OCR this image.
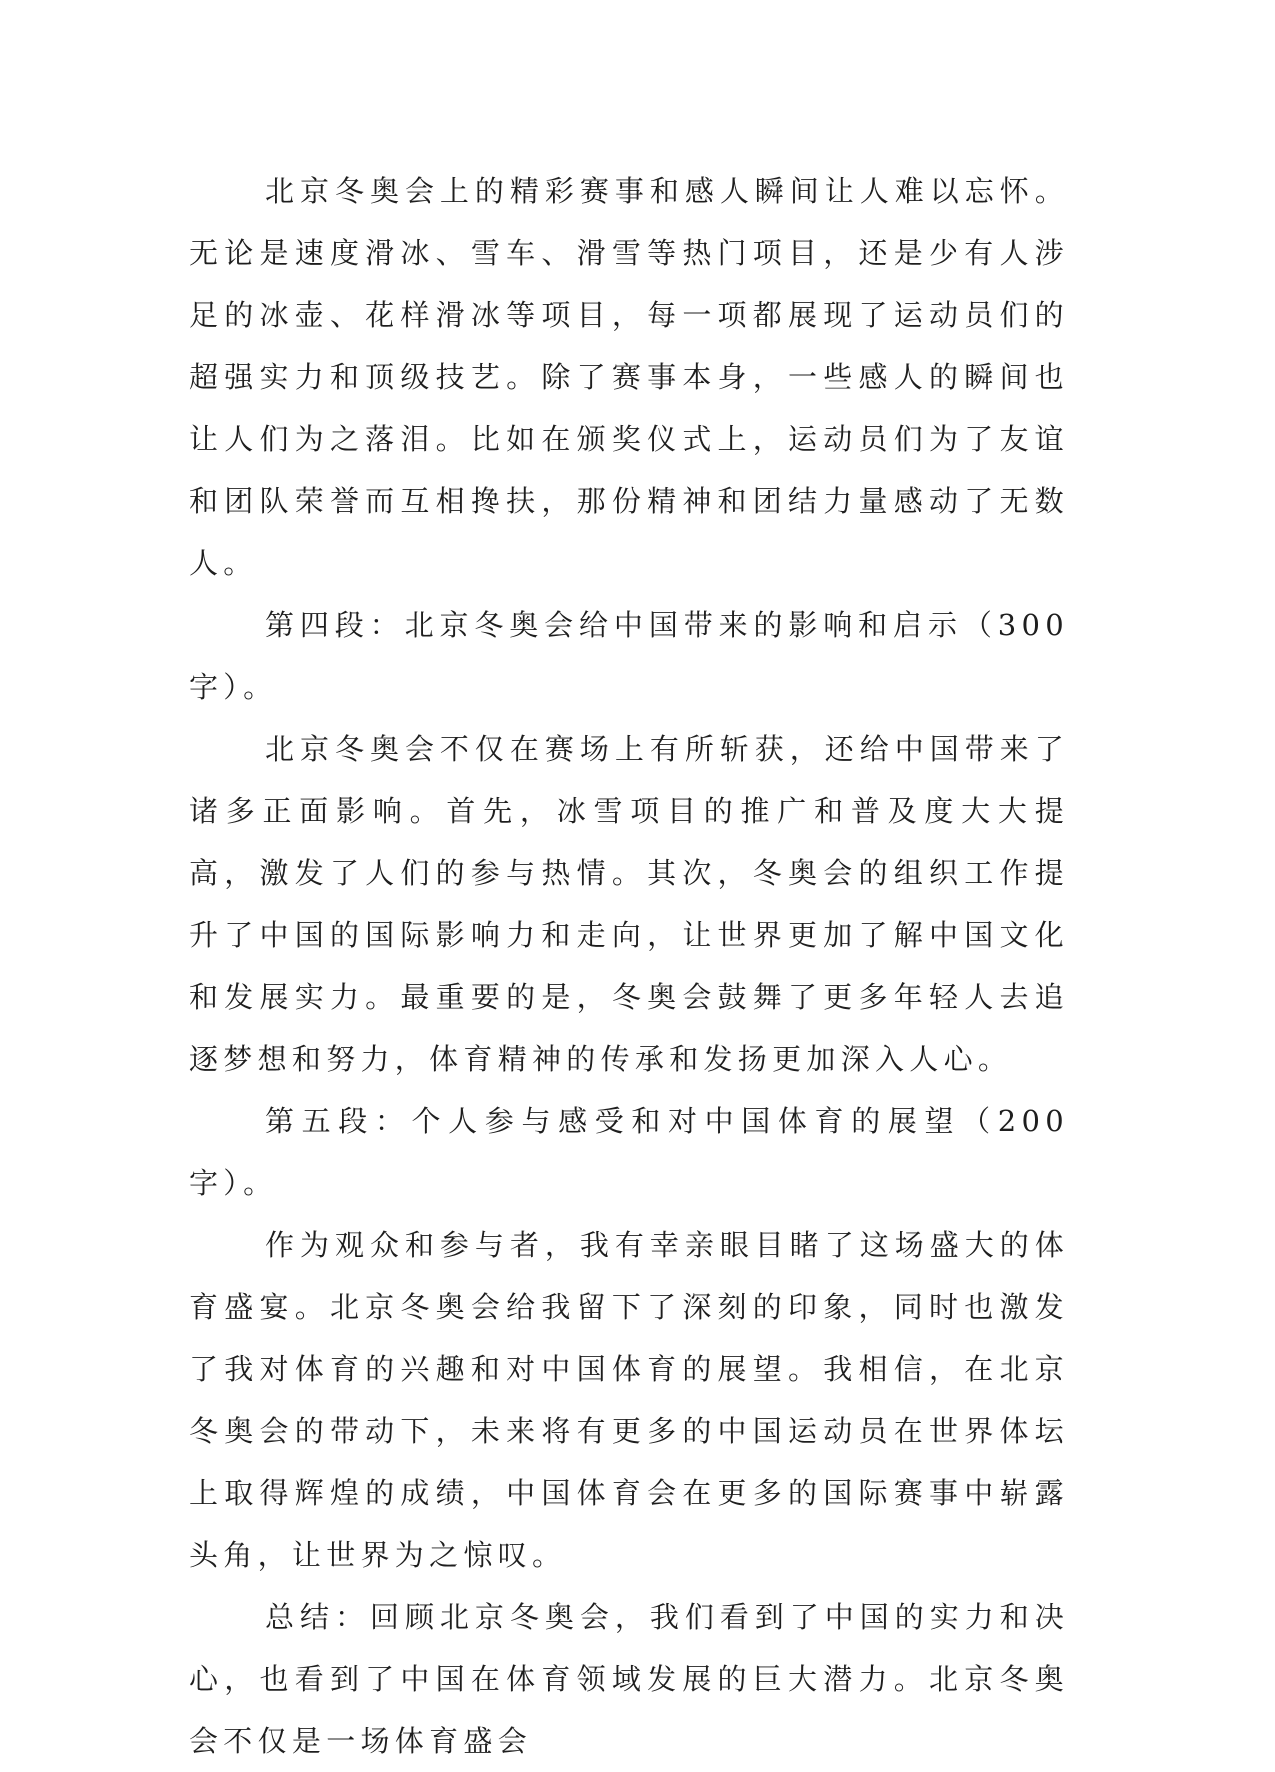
北京冬奥会上的精彩赛事和感人瞬间让人难以忘怀。无论是速度滑冰、雪车、滑雪等热门项目，还是少有人涉足的冰壶、花样滑冰等项目，每一项都展现了运动员们的超强实力和顶级技艺。除了赛事本身，一些感人的瞬间也让人们为之落泪。比如在颁奖仪式上，运动员们为了友谊和团队荣誉而互相搀扶，那份精神和团结力量感动了无数人。

第四段：北京冬奥会给中国带来的影响和启示（300字）。

北京冬奥会不仅在赛场上有所斩获，还给中国带来了诸多正面影响。首先，冰雪项目的推广和普及度大大提高，激发了人们的参与热情。其次，冬奥会的组织工作提升了中国的国际影响力和走向，让世界更加了解中国文化和发展实力。最重要的是，冬奥会鼓舞了更多年轻人去追逐梦想和努力，体育精神的传承和发扬更加深入人心。

第五段：个人参与感受和对中国体育的展望（200字）。

作为观众和参与者，我有幸亲眼目睹了这场盛大的体育盛宴。北京冬奥会给我留下了深刻的印象，同时也激发了我对体育的兴趣和对中国体育的展望。我相信，在北京冬奥会的带动下，未来将有更多的中国运动员在世界体坛上取得辉煌的成绩，中国体育会在更多的国际赛事中崭露头角，让世界为之惊叹。

总结：回顾北京冬奥会，我们看到了中国的实力和决心，也看到了中国在体育领域发展的巨大潜力。北京冬奥会不仅是一场体育盛会
